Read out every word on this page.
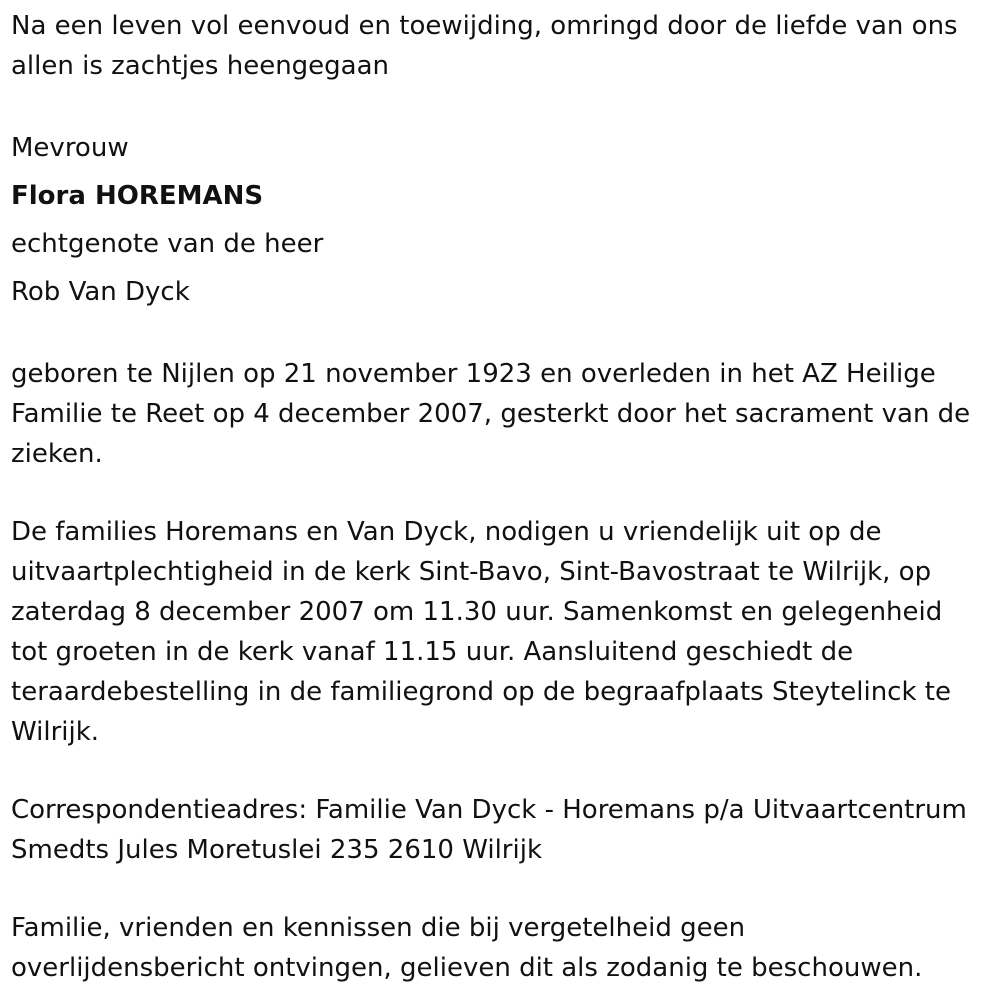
Na een leven vol eenvoud en toewijding, omringd door de liefde van ons allen is zachtjes heengegaan

Mevrouw

Flora HOREMANS

echtgenote van de heer

Rob Van Dyck

geboren te Nijlen op 21 november 1923 en overleden in het AZ Heilige Familie te Reet op 4 december 2007, gesterkt door het sacrament van de zieken.

De families Horemans en Van Dyck, nodigen u vriendelijk uit op de uitvaartplechtigheid in de kerk Sint-Bavo, Sint-Bavostraat te Wilrijk, op zaterdag 8 december 2007 om 11.30 uur. Samenkomst en gelegenheid tot groeten in de kerk vanaf 11.15 uur. Aansluitend geschiedt de teraardebestelling in de familiegrond op de begraafplaats Steytelinck te Wilrijk.

Correspondentieadres: Familie Van Dyck - Horemans p/a Uitvaartcentrum Smedts Jules Moretuslei 235 2610 Wilrijk

Familie, vrienden en kennissen die bij vergetelheid geen overlijdensbericht ontvingen, gelieven dit als zodanig te beschouwen.
